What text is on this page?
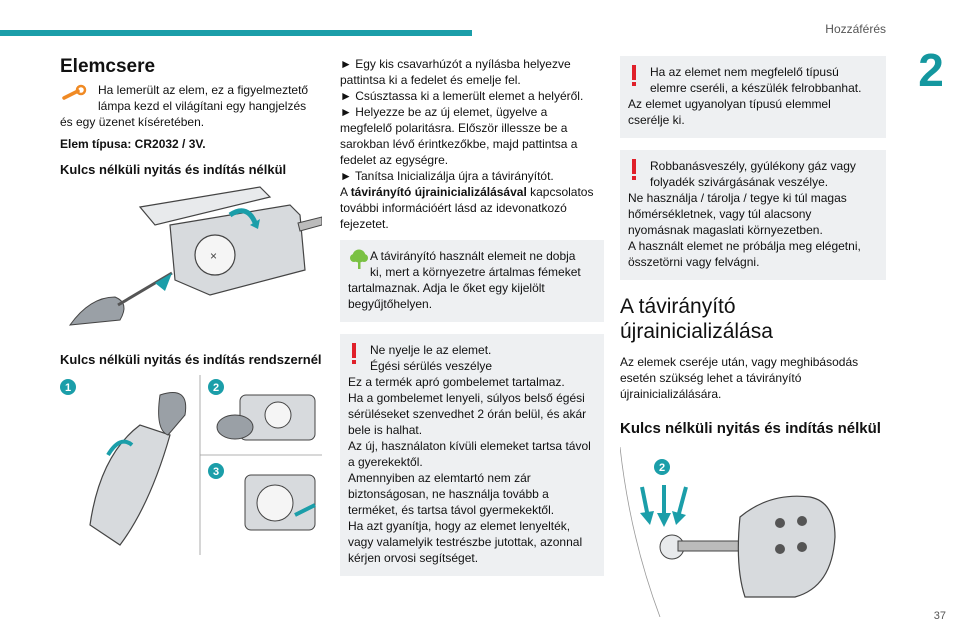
Hozzáférés
2
37
Elemcsere

Ha lemerült az elem, ez a figyelmeztető

lámpa kezd el világítani egy hangjelzés

és egy üzenet kíséretében.

Elem típusa: CR2032 / 3V.

Kulcs nélküli nyitás és indítás nélkül
×
Kulcs nélküli nyitás és indítás rendszernél
1	2
3

► Egy kis csavarhúzót a nyílásba helyezve

pattintsa ki a fedelet és emelje fel.

► Csúsztassa ki a lemerült elemet a helyéről.

► Helyezze be az új elemet, ügyelve a

megfelelő polaritásra. Először illessze be a

sarokban lévő érintkezőkbe, majd pattintsa a

fedelet az egységre.

► Tanítsa Inicializálja újra a távirányítót.

A távirányító újrainicializálásával kapcsolatos

további információért lásd az idevonatkozó

fejezetet.

A távirányító használt elemeit ne dobja

ki, mert a környezetre ártalmas fémeket

tartalmaznak. Adja le őket egy kijelölt

begyűjtőhelyen.

Ne nyelje le az elemet.

Égési sérülés veszélye

Ez a termék apró gombelemet tartalmaz.

Ha a gombelemet lenyeli, súlyos belső égési

sérüléseket szenvedhet 2 órán belül, és akár

bele is halhat.

Az új, használaton kívüli elemeket tartsa távol

a gyerekektől.

Amennyiben az elemtartó nem zár

biztonságosan, ne használja tovább a

terméket, és tartsa távol gyermekektől.

Ha azt gyanítja, hogy az elemet lenyelték,

vagy valamelyik testrészbe jutottak, azonnal

kérjen orvosi segítséget.

Ha az elemet nem megfelelő típusú

elemre cseréli, a készülék felrobbanhat.

Az elemet ugyanolyan típusú elemmel

cserélje ki.

Robbanásveszély, gyúlékony gáz vagy

folyadék szivárgásának veszélye.

Ne használja / tárolja / tegye ki túl magas

hőmérsékletnek, vagy túl alacsony

nyomásnak magaslati környezetben.

A használt elemet ne próbálja meg elégetni,

összetörni vagy felvágni.

A távirányító
újrainicializálása

Az elemek cseréje után, vagy meghibásodás

esetén szükség lehet a távirányító

újrainicializálására.

Kulcs nélküli nyitás és indítás nélkül
2
